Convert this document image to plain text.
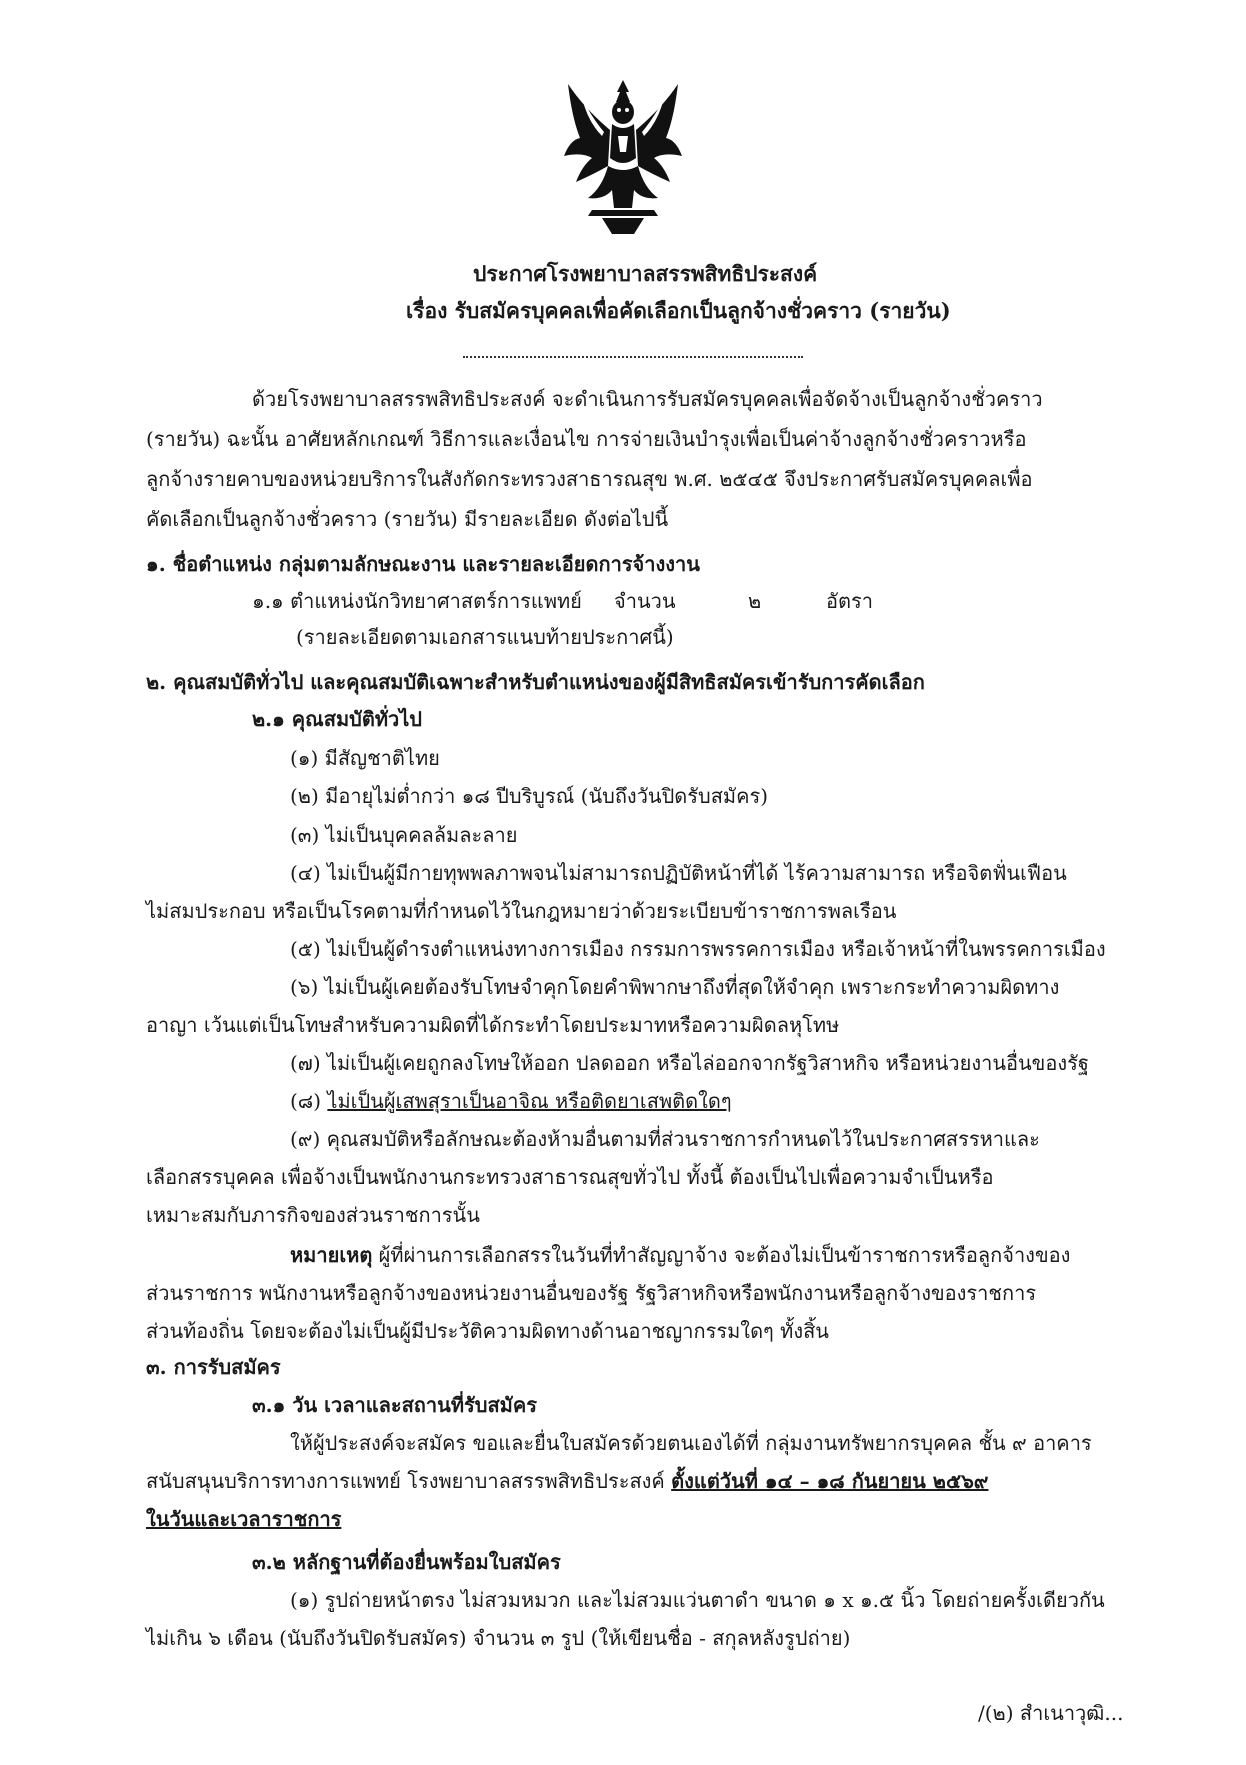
ประกาศโรงพยาบาลสรรพสิทธิประสงค์
เรื่อง รับสมัครบุคคลเพื่อคัดเลือกเป็นลูกจ้างชั่วคราว (รายวัน)
ด้วยโรงพยาบาลสรรพสิทธิประสงค์ จะดำเนินการรับสมัครบุคคลเพื่อจัดจ้างเป็นลูกจ้างชั่วคราว
(รายวัน) ฉะนั้น อาศัยหลักเกณฑ์ วิธีการและเงื่อนไข การจ่ายเงินบำรุงเพื่อเป็นค่าจ้างลูกจ้างชั่วคราวหรือ
ลูกจ้างรายคาบของหน่วยบริการในสังกัดกระทรวงสาธารณสุข พ.ศ. ๒๕๔๕ จึงประกาศรับสมัครบุคคลเพื่อ
คัดเลือกเป็นลูกจ้างชั่วคราว (รายวัน) มีรายละเอียด ดังต่อไปนี้
๑. ชื่อตำแหน่ง กลุ่มตามลักษณะงาน และรายละเอียดการจ้างงาน
๑.๑ ตำแหน่งนักวิทยาศาสตร์การแพทย์ จำนวน	๒	อัตรา
(รายละเอียดตามเอกสารแนบท้ายประกาศนี้)
๒. คุณสมบัติทั่วไป และคุณสมบัติเฉพาะสำหรับตำแหน่งของผู้มีสิทธิสมัครเข้ารับการคัดเลือก
๒.๑ คุณสมบัติทั่วไป
(๑) มีสัญชาติไทย
(๒) มีอายุไม่ต่ำกว่า ๑๘ ปีบริบูรณ์ (นับถึงวันปิดรับสมัคร)
(๓) ไม่เป็นบุคคลล้มละลาย
(๔) ไม่เป็นผู้มีกายทุพพลภาพจนไม่สามารถปฏิบัติหน้าที่ได้ ไร้ความสามารถ หรือจิตฟั่นเฟือน
ไม่สมประกอบ หรือเป็นโรคตามที่กำหนดไว้ในกฎหมายว่าด้วยระเบียบข้าราชการพลเรือน
(๕) ไม่เป็นผู้ดำรงตำแหน่งทางการเมือง กรรมการพรรคการเมือง หรือเจ้าหน้าที่ในพรรคการเมือง
(๖) ไม่เป็นผู้เคยต้องรับโทษจำคุกโดยคำพิพากษาถึงที่สุดให้จำคุก เพราะกระทำความผิดทาง
อาญา เว้นแต่เป็นโทษสำหรับความผิดที่ได้กระทำโดยประมาทหรือความผิดลหุโทษ
(๗) ไม่เป็นผู้เคยถูกลงโทษให้ออก ปลดออก หรือไล่ออกจากรัฐวิสาหกิจ หรือหน่วยงานอื่นของรัฐ
(๘) ไม่เป็นผู้เสพสุราเป็นอาจิณ หรือติดยาเสพติดใดๆ
(๙) คุณสมบัติหรือลักษณะต้องห้ามอื่นตามที่ส่วนราชการกำหนดไว้ในประกาศสรรหาและ
เลือกสรรบุคคล เพื่อจ้างเป็นพนักงานกระทรวงสาธารณสุขทั่วไป ทั้งนี้ ต้องเป็นไปเพื่อความจำเป็นหรือ
เหมาะสมกับภารกิจของส่วนราชการนั้น
หมายเหตุ ผู้ที่ผ่านการเลือกสรรในวันที่ทำสัญญาจ้าง จะต้องไม่เป็นข้าราชการหรือลูกจ้างของ
ส่วนราชการ พนักงานหรือลูกจ้างของหน่วยงานอื่นของรัฐ รัฐวิสาหกิจหรือพนักงานหรือลูกจ้างของราชการ
ส่วนท้องถิ่น โดยจะต้องไม่เป็นผู้มีประวัติความผิดทางด้านอาชญากรรมใดๆ ทั้งสิ้น
๓. การรับสมัคร
๓.๑ วัน เวลาและสถานที่รับสมัคร
ให้ผู้ประสงค์จะสมัคร ขอและยื่นใบสมัครด้วยตนเองได้ที่ กลุ่มงานทรัพยากรบุคคล ชั้น ๙ อาคาร
สนับสนุนบริการทางการแพทย์ โรงพยาบาลสรรพสิทธิประสงค์ ตั้งแต่วันที่ ๑๔ – ๑๘ กันยายน ๒๕๖๙
ในวันและเวลาราชการ
๓.๒ หลักฐานที่ต้องยื่นพร้อมใบสมัคร
(๑) รูปถ่ายหน้าตรง ไม่สวมหมวก และไม่สวมแว่นตาดำ ขนาด ๑ x ๑.๕ นิ้ว โดยถ่ายครั้งเดียวกัน
ไม่เกิน ๖ เดือน (นับถึงวันปิดรับสมัคร) จำนวน ๓ รูป (ให้เขียนชื่อ - สกุลหลังรูปถ่าย)
/(๒) สำเนาวุฒิ...
